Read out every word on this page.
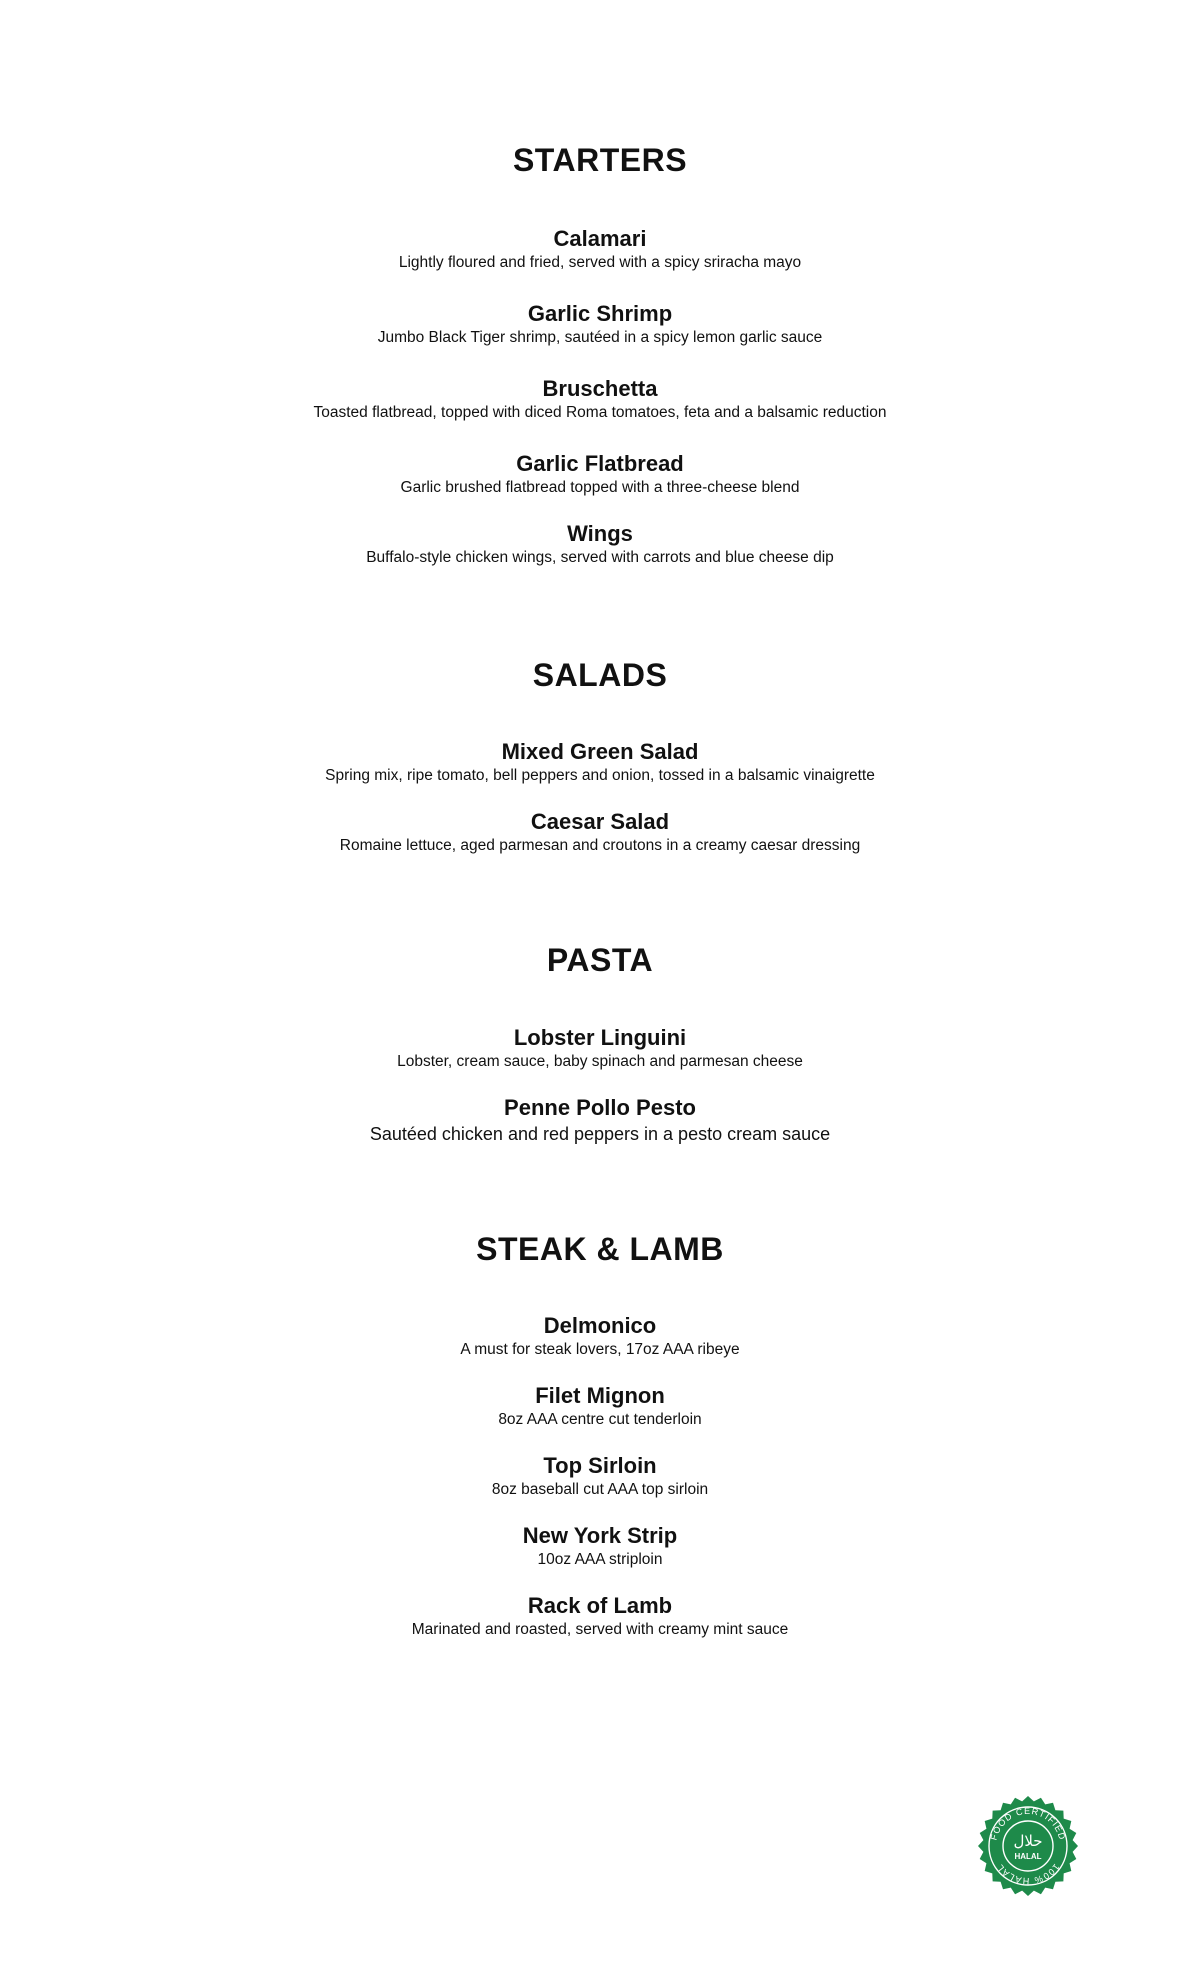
STARTERS

Calamari

Lightly floured and fried, served with a spicy sriracha mayo

Garlic Shrimp

Jumbo Black Tiger shrimp, sautéed in a spicy lemon garlic sauce

Bruschetta

Toasted flatbread, topped with diced Roma tomatoes, feta and a balsamic reduction

Garlic Flatbread

Garlic brushed flatbread topped with a three-cheese blend

Wings

Buffalo-style chicken wings, served with carrots and blue cheese dip

SALADS

Mixed Green Salad

Spring mix, ripe tomato, bell peppers and onion, tossed in a balsamic vinaigrette

Caesar Salad

Romaine lettuce, aged parmesan and croutons in a creamy caesar dressing

PASTA

Lobster Linguini

Lobster, cream sauce, baby spinach and parmesan cheese

Penne Pollo Pesto

Sautéed chicken and red peppers in a pesto cream sauce

STEAK & LAMB

Delmonico

A must for steak lovers, 17oz AAA ribeye

Filet Mignon

8oz AAA centre cut tenderloin

Top Sirloin

8oz baseball cut AAA top sirloin

New York Strip

10oz AAA striploin

Rack of Lamb

Marinated and roasted, served with creamy mint sauce

FOOD CERTIFIED
100% HALAL
حلال
HALAL
